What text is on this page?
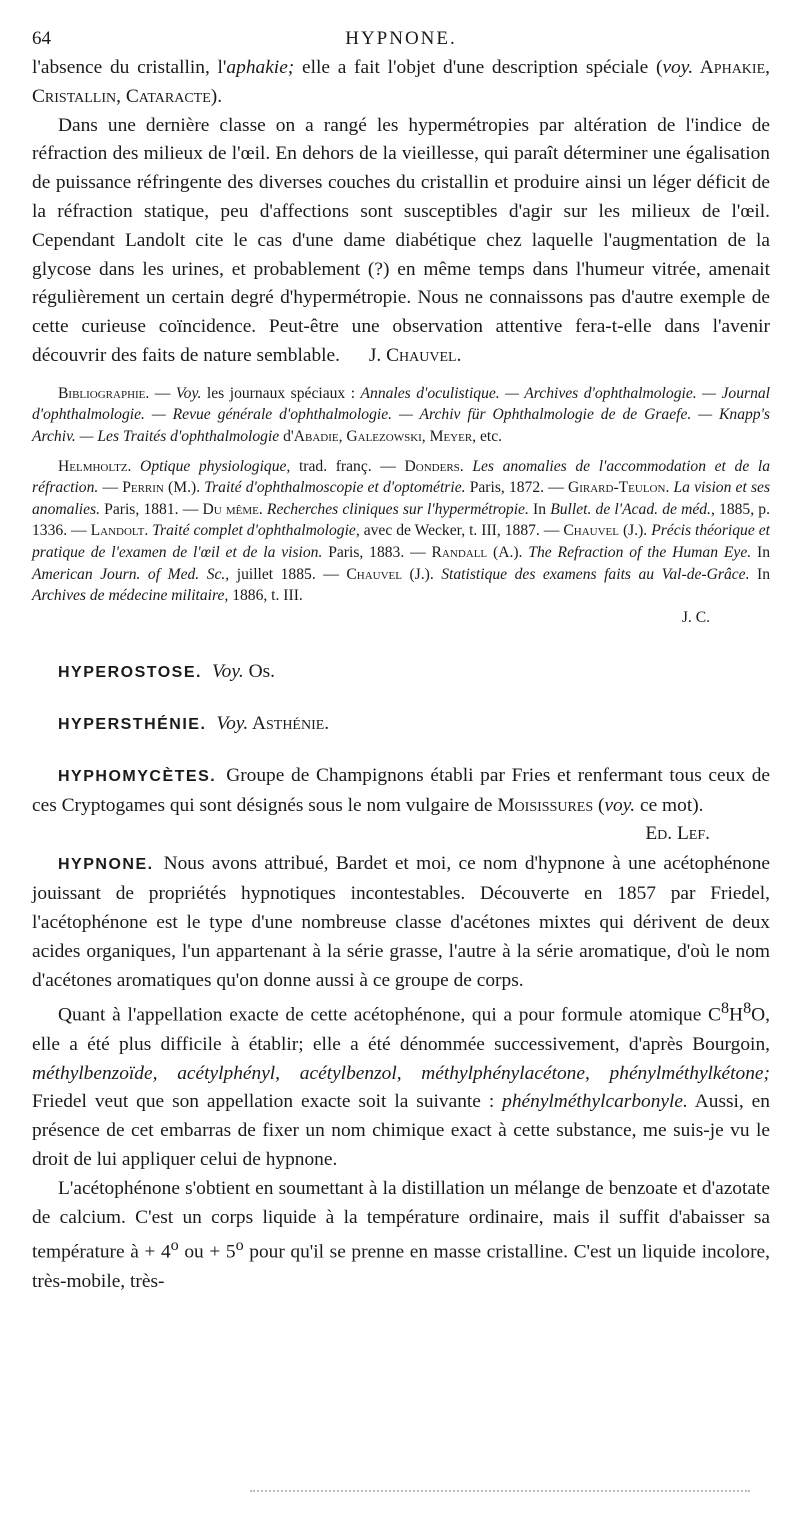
64	HYPNONE.

l'absence du cristallin, l'aphakie; elle a fait l'objet d'une description spéciale (voy. Aphakie, Cristallin, Cataracte).

Dans une dernière classe on a rangé les hypermétropies par altération de l'indice de réfraction des milieux de l'œil. En dehors de la vieillesse, qui paraît déterminer une égalisation de puissance réfringente des diverses couches du cristallin et produire ainsi un léger déficit de la réfraction statique, peu d'affections sont susceptibles d'agir sur les milieux de l'œil. Cependant Landolt cite le cas d'une dame diabétique chez laquelle l'augmentation de la glycose dans les urines, et probablement (?) en même temps dans l'humeur vitrée, amenait régulièrement un certain degré d'hypermétropie. Nous ne connaissons pas d'autre exemple de cette curieuse coïncidence. Peut-être une observation attentive fera-t-elle dans l'avenir découvrir des faits de nature semblable. J. Chauvel.

Bibliographie. — Voy. les journaux spéciaux : Annales d'oculistique. — Archives d'ophthalmologie. — Journal d'ophthalmologie. — Revue générale d'ophthalmologie. — Archiv für Ophthalmologie de de Graefe. — Knapp's Archiv. — Les Traités d'ophthalmologie d'Abadie, Galezowski, Meyer, etc.

Helmholtz. Optique physiologique, trad. franç. — Donders. Les anomalies de l'accommodation et de la réfraction. — Perrin (M.). Traité d'ophthalmoscopie et d'optométrie. Paris, 1872. — Girard-Teulon. La vision et ses anomalies. Paris, 1881. — Du même. Recherches cliniques sur l'hypermétropie. In Bullet. de l'Acad. de méd., 1885, p. 1336. — Landolt. Traité complet d'ophthalmologie, avec de Wecker, t. III, 1887. — Chauvel (J.). Précis théorique et pratique de l'examen de l'œil et de la vision. Paris, 1883. — Randall (A.). The Refraction of the Human Eye. In American Journ. of Med. Sc., juillet 1885. — Chauvel (J.). Statistique des examens faits au Val-de-Grâce. In Archives de médecine militaire, 1886, t. III.
J. C.

HYPEROSTOSE. Voy. Os.

HYPERSTHÉNIE. Voy. Asthénie.

HYPHOMYCÈTES. Groupe de Champignons établi par Fries et renfermant tous ceux de ces Cryptogames qui sont désignés sous le nom vulgaire de Moisissures (voy. ce mot).
Ed. Lef.

HYPNONE. Nous avons attribué, Bardet et moi, ce nom d'hypnone à une acétophénone jouissant de propriétés hypnotiques incontestables. Découverte en 1857 par Friedel, l'acétophénone est le type d'une nombreuse classe d'acétones mixtes qui dérivent de deux acides organiques, l'un appartenant à la série grasse, l'autre à la série aromatique, d'où le nom d'acétones aromatiques qu'on donne aussi à ce groupe de corps.

Quant à l'appellation exacte de cette acétophénone, qui a pour formule atomique $C^8H^8O$, elle a été plus difficile à établir; elle a été dénommée successivement, d'après Bourgoin, méthylbenzoïde, acétylphényl, acétylbenzol, méthylphénylacétone, phénylméthylkétone; Friedel veut que son appellation exacte soit la suivante : phénylméthylcarbonyle. Aussi, en présence de cet embarras de fixer un nom chimique exact à cette substance, me suis-je vu le droit de lui appliquer celui de hypnone.

L'acétophénone s'obtient en soumettant à la distillation un mélange de benzoate et d'azotate de calcium. C'est un corps liquide à la température ordinaire, mais il suffit d'abaisser sa température à + $4^o$ ou + $5^o$ pour qu'il se prenne en masse cristalline. C'est un liquide incolore, très-mobile, très-
